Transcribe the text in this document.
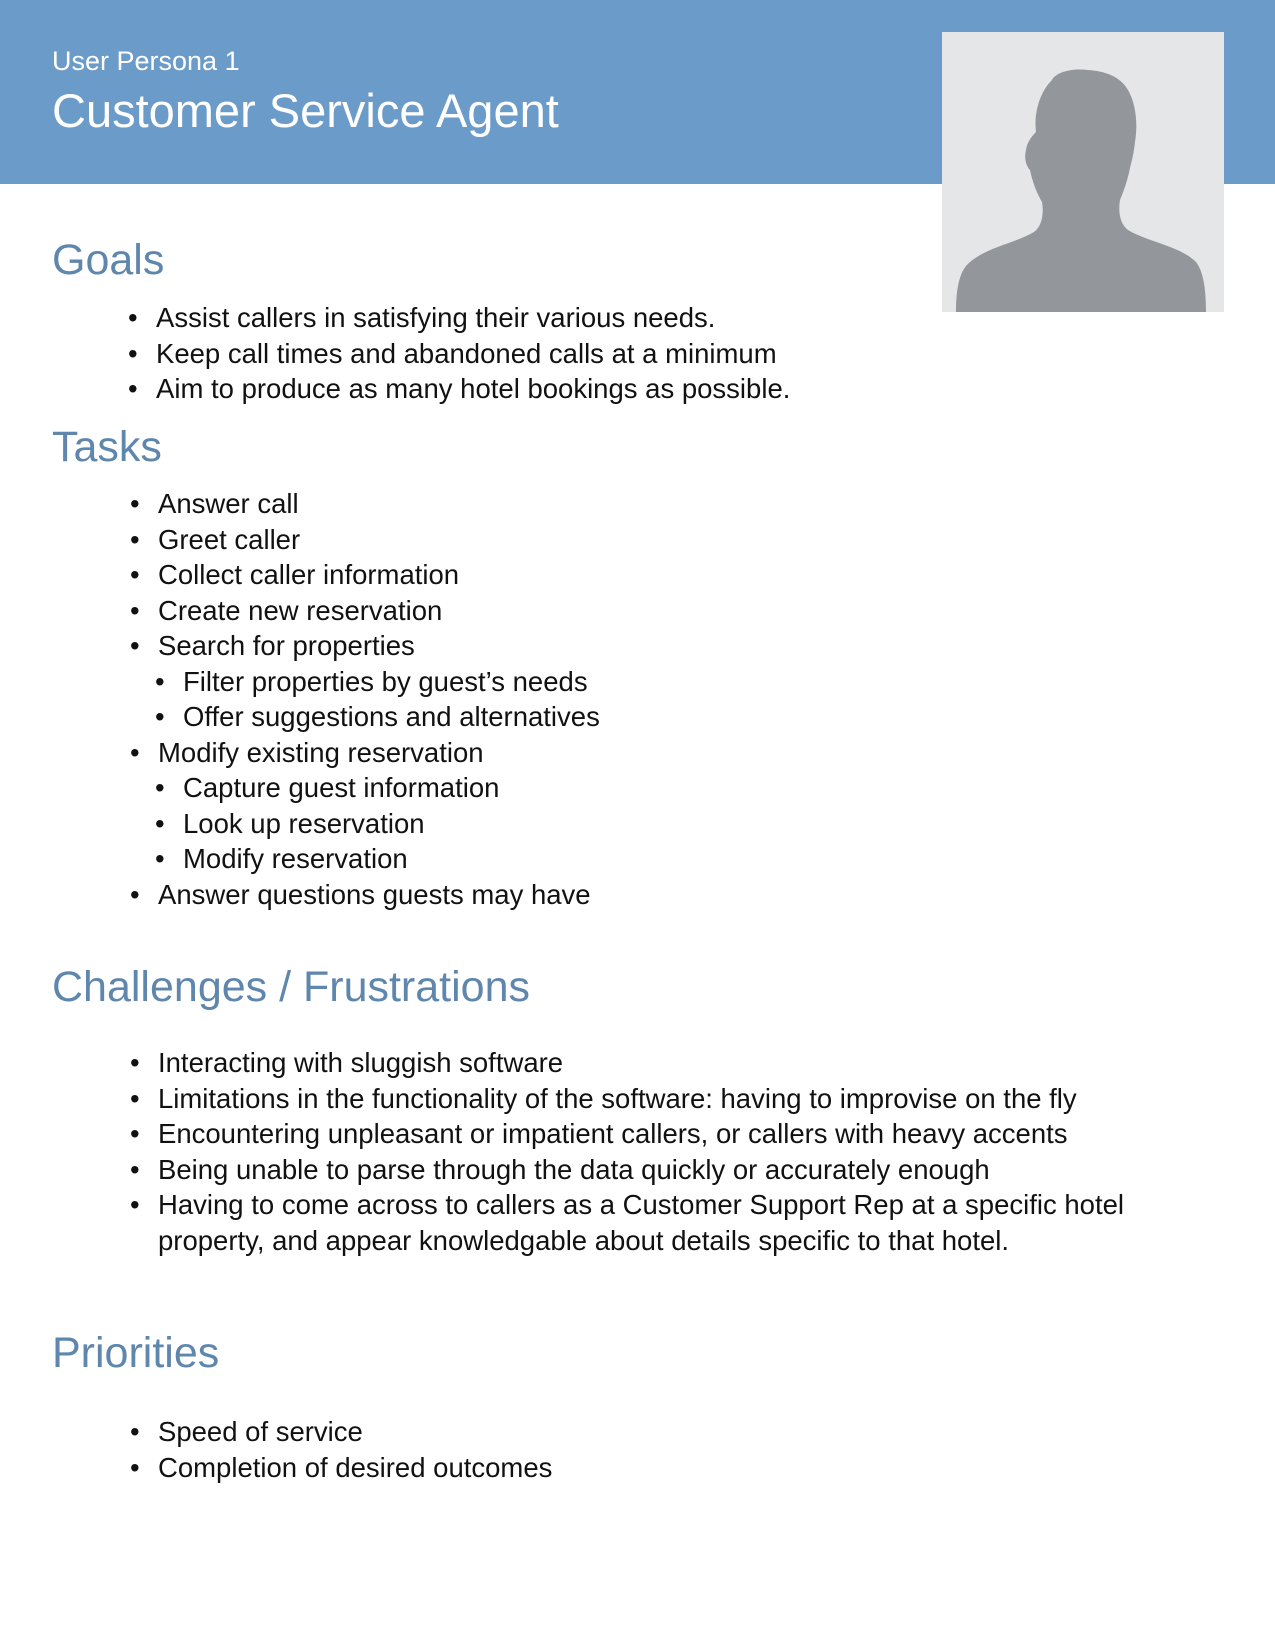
User Persona 1
Customer Service Agent
Goals
• Assist callers in satisfying their various needs.
• Keep call times and abandoned calls at a minimum
• Aim to produce as many hotel bookings as possible.
Tasks
• Answer call
• Greet caller
• Collect caller information
• Create new reservation
• Search for properties
• Filter properties by guest’s needs
• Offer suggestions and alternatives
• Modify existing reservation
• Capture guest information
• Look up reservation
• Modify reservation
• Answer questions guests may have
Challenges / Frustrations
• Interacting with sluggish software
• Limitations in the functionality of the software: having to improvise on the fly
• Encountering unpleasant or impatient callers, or callers with heavy accents
• Being unable to parse through the data quickly or accurately enough
• Having to come across to callers as a Customer Support Rep at a specific hotel property, and appear knowledgable about details specific to that hotel.
Priorities
• Speed of service
• Completion of desired outcomes
